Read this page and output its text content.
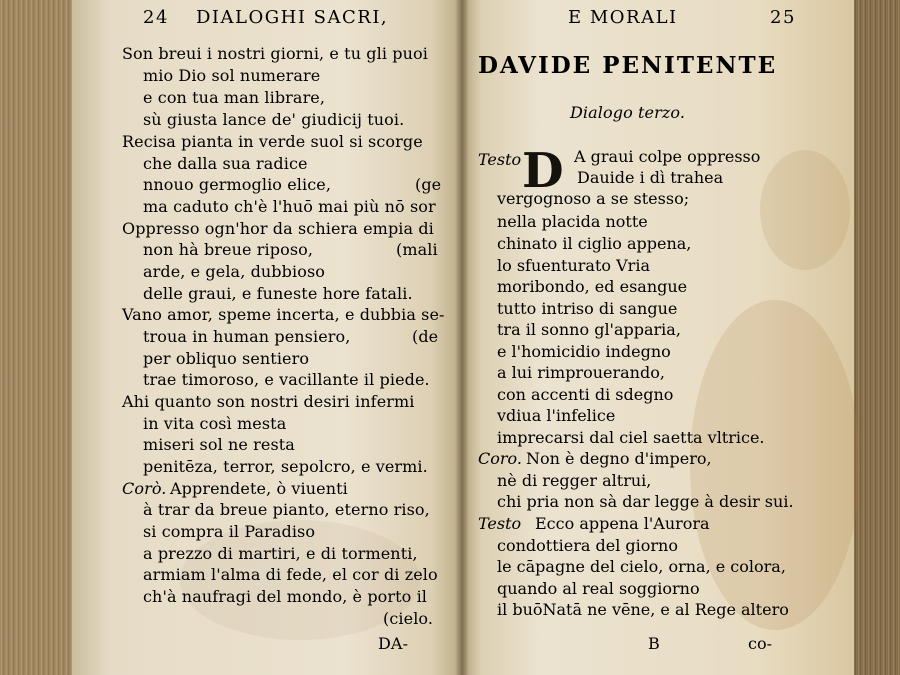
24 DIALOGHI SACRI,
Son breui i nostri giorni, e tu gli puoi
mio Dio sol numerare
e con tua man librare,
sù giusta lance de' giudicij tuoi.
Recisa pianta in verde suol si scorge
che dalla sua radice
nnouo germoglio elice,	(ge
ma caduto ch'è l'huō mai più nō sor
Oppresso ogn'hor da schiera empia di
non hà breue riposo,	(mali
arde, e gela, dubbioso
delle graui, e funeste hore fatali.
Vano amor, speme incerta, e dubbia se-
troua in human pensiero,	(de
per obliquo sentiero
trae timoroso, e vacillante il piede.
Ahi quanto son nostri desiri infermi
in vita così mesta
miseri sol ne resta
penitēza, terror, sepolcro, e vermi.
Corò. Apprendete, ò viuenti
à trar da breue pianto, eterno riso,
si compra il Paradiso
a prezzo di martiri, e di tormenti,
armiam l'alma di fede, el cor di zelo
ch'à naufragi del mondo, è porto il
(cielo.
DA-
E MORALI	25
DAVIDE PENITENTE
Dialogo terzo.
D
Testo	A graui colpe oppresso
Dauide i dì trahea
vergognoso a se stesso;
nella placida notte
chinato il ciglio appena,
lo sfuenturato Vria
moribondo, ed esangue
tutto intriso di sangue
tra il sonno gl'apparia,
e l'homicidio indegno
a lui rimprouerando,
con accenti di sdegno
vdiua l'infelice
imprecarsi dal ciel saetta vltrice.
Coro. Non è degno d'impero,
nè di regger altrui,
chi pria non sà dar legge à desir sui.
Testo Ecco appena l'Aurora
condottiera del giorno
le cāpagne del cielo, orna, e colora,
quando al real soggiorno
il buōNatā ne vēne, e al Rege altero
B	co-
